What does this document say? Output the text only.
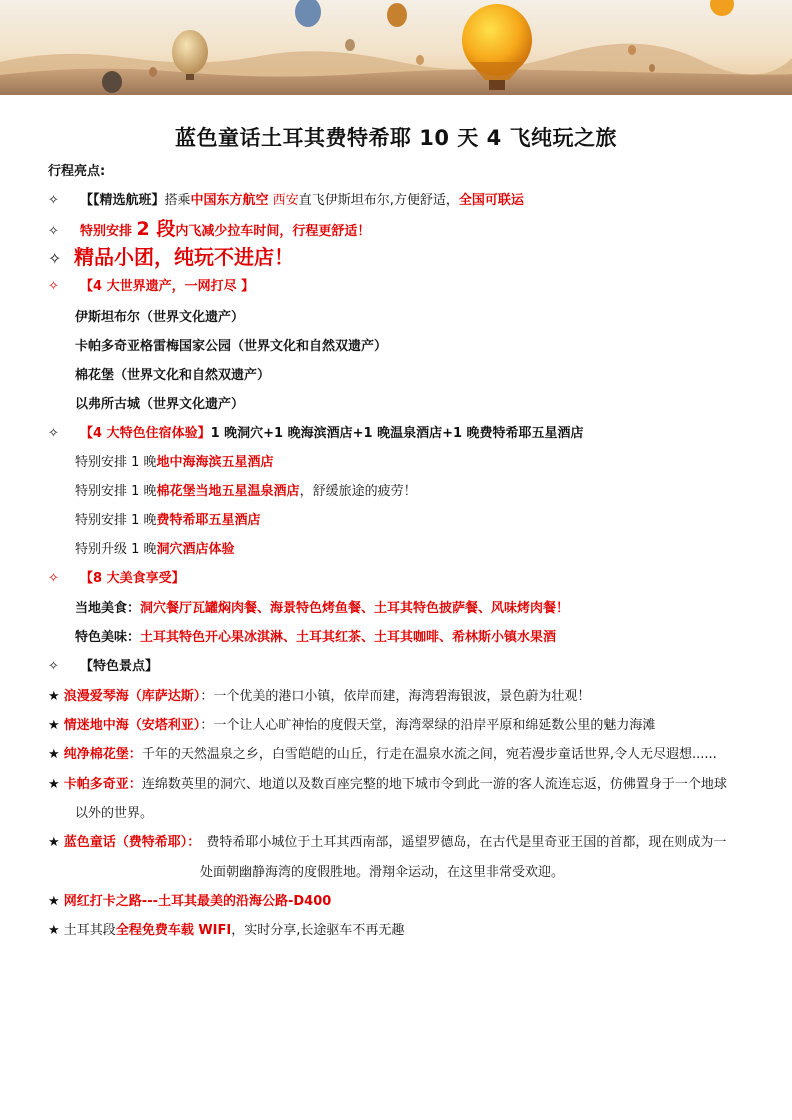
蓝色童话土耳其费特希耶 10 天 4 飞纯玩之旅
行程亮点:
✧ 【【精选航班】搭乘中国东方航空 西安直飞伊斯坦布尔,方便舒适，全国可联运
✧ 特别安排 2 段内飞减少拉车时间，行程更舒适！
✧ 精品小团，纯玩不进店！
✧ 【4 大世界遗产，一网打尽 】
伊斯坦布尔（世界文化遗产）
卡帕多奇亚格雷梅国家公园（世界文化和自然双遗产）
棉花堡（世界文化和自然双遗产）
以弗所古城（世界文化遗产）
✧ 【4 大特色住宿体验】1 晚洞穴+1 晚海滨酒店+1 晚温泉酒店+1 晚费特希耶五星酒店
特别安排 1 晚地中海海滨五星酒店
特别安排 1 晚棉花堡当地五星温泉酒店，舒缓旅途的疲劳！
特别安排 1 晚费特希耶五星酒店
特别升级 1 晚洞穴酒店体验
✧ 【8 大美食享受】
当地美食：洞穴餐厅瓦罐焖肉餐、海景特色烤鱼餐、土耳其特色披萨餐、风味烤肉餐！
特色美味：土耳其特色开心果冰淇淋、土耳其红茶、土耳其咖啡、希林斯小镇水果酒
✧ 【特色景点】
★ 浪漫爱琴海（库萨达斯）：一个优美的港口小镇，依岸而建，海湾碧海银波，景色蔚为壮观！
★ 情迷地中海（安塔利亚）：一个让人心旷神怡的度假天堂，海湾翠绿的沿岸平原和绵延数公里的魅力海滩
★ 纯净棉花堡：千年的天然温泉之乡，白雪皑皑的山丘，行走在温泉水流之间，宛若漫步童话世界,令人无尽遐想......
★ 卡帕多奇亚：连绵数英里的洞穴、地道以及数百座完整的地下城市令到此一游的客人流连忘返，仿佛置身于一个地球
以外的世界。
★ 蓝色童话（费特希耶）： 费特希耶小城位于土耳其西南部，遥望罗德岛，在古代是里奇亚王国的首都，现在则成为一
处面朝幽静海湾的度假胜地。滑翔伞运动，在这里非常受欢迎。
★ 网红打卡之路---土耳其最美的沿海公路-D400
★ 土耳其段全程免费车载 WIFI，实时分享,长途驱车不再无趣
